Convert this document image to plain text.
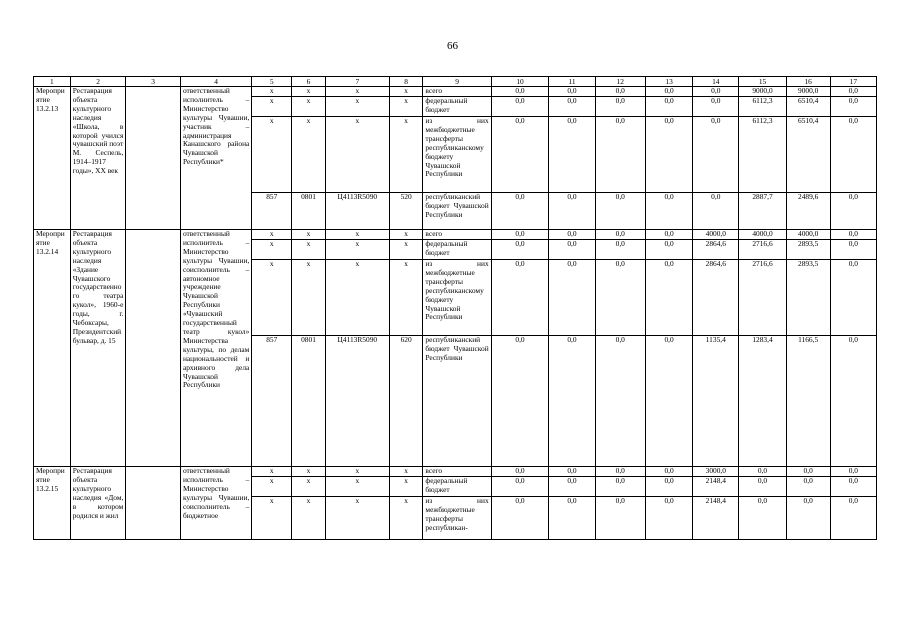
66
1	2	3	4	5	6	7	8	9	10	11	12	13	14	15	16	17
Мероприятие 13.2.13	Реставрация объекта культурного наследия «Школа, в которой учился чувашский поэт М. Сеспель, 1914–1917 годы», XX век		ответственный исполнитель – Министерство культуры Чувашии, участник – администрация Канашского района Чувашской Республики*	x	x	x	x	всего	0,0	0,0	0,0	0,0	0,0	9000,0	9000,0	0,0
				x	x	x	x	федеральный бюджет	0,0	0,0	0,0	0,0	0,0	6112,3	6510,4	0,0
				x	x	x	x	из них межбюджетные трансферты республиканскому бюджету Чувашской Республики	0,0	0,0	0,0	0,0	0,0	6112,3	6510,4	0,0
				857	0801	Ц4113R5090	520	республиканский бюджет Чувашской Республики	0,0	0,0	0,0	0,0	0,0	2887,7	2489,6	0,0
Мероприятие 13.2.14	Реставрация объекта культурного наследия «Здание Чувашского государственного театра кукол», 1960-е годы, г. Чебоксары, Президентский бульвар, д. 15		ответственный исполнитель – Министерство культуры Чувашии, соисполнитель – автономное учреждение Чувашской Республики «Чувашский государственный театр кукол» Министерства культуры, по делам национальностей и архивного дела Чувашской Республики	x	x	x	x	всего	0,0	0,0	0,0	0,0	4000,0	4000,0	4000,0	0,0
				x	x	x	x	федеральный бюджет	0,0	0,0	0,0	0,0	2864,6	2716,6	2893,5	0,0
				x	x	x	x	из них межбюджетные трансферты республиканскому бюджету Чувашской Республики	0,0	0,0	0,0	0,0	2864,6	2716,6	2893,5	0,0
				857	0801	Ц4113R5090	620	республиканский бюджет Чувашской Республики	0,0	0,0	0,0	0,0	1135,4	1283,4	1166,5	0,0
Мероприятие 13.2.15	Реставрация объекта культурного наследия «Дом, в котором родился и жил		ответственный исполнитель – Министерство культуры Чувашии, соисполнитель – бюджетное	x	x	x	x	всего	0,0	0,0	0,0	0,0	3000,0	0,0	0,0	0,0
				x	x	x	x	федеральный бюджет	0,0	0,0	0,0	0,0	2148,4	0,0	0,0	0,0
				x	x	x	x	из них межбюджетные трансферты республикан-	0,0	0,0	0,0	0,0	2148,4	0,0	0,0	0,0
